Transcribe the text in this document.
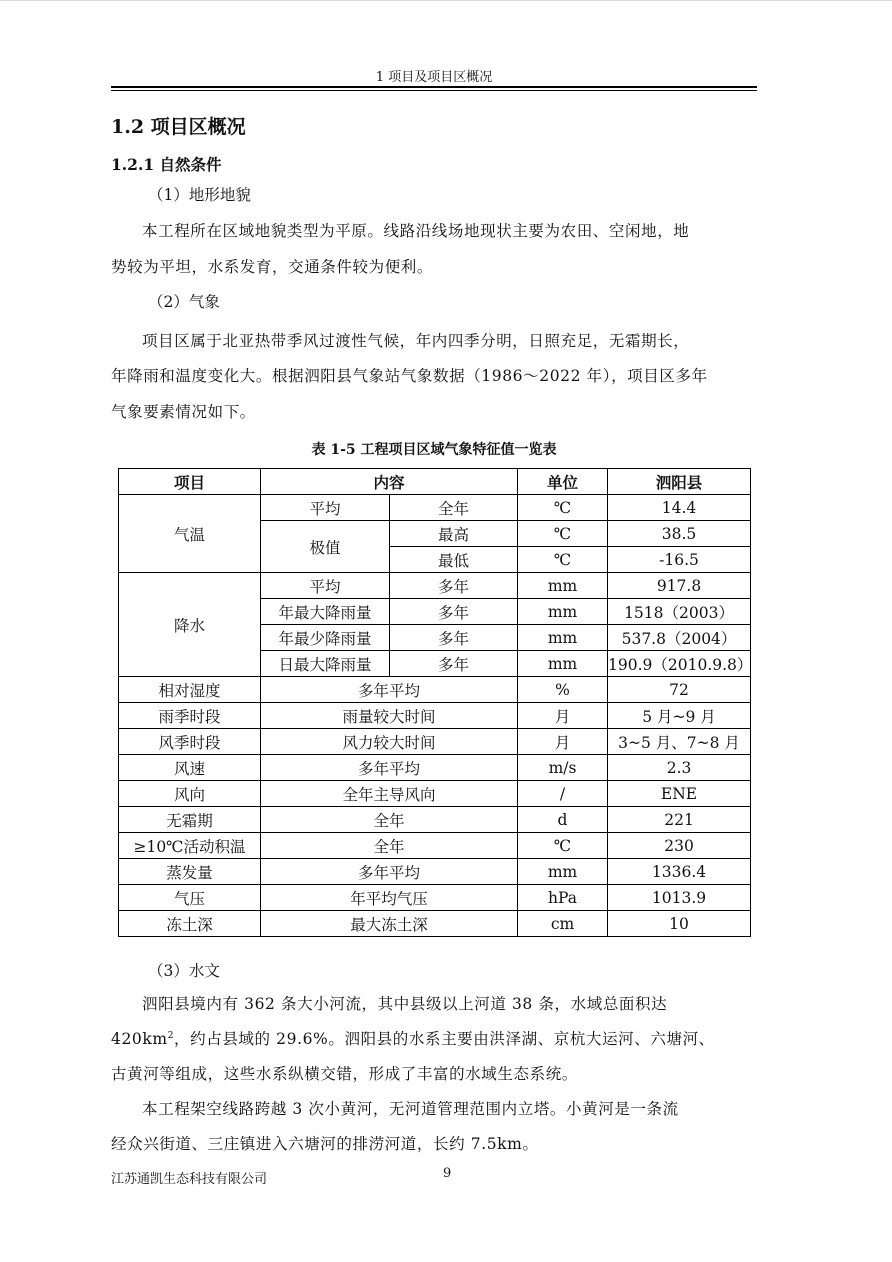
1 项目及项目区概况
1.2 项目区概况
1.2.1 自然条件
（1）地形地貌
本工程所在区域地貌类型为平原。线路沿线场地现状主要为农田、空闲地，地
势较为平坦，水系发育，交通条件较为便利。
（2）气象
项目区属于北亚热带季风过渡性气候，年内四季分明，日照充足，无霜期长，
年降雨和温度变化大。根据泗阳县气象站气象数据（1986～2022 年），项目区多年
气象要素情况如下。
表 1-5 工程项目区域气象特征值一览表
项目	内容		单位	泗阳县
气温	平均	全年	℃	14.4
	极值	最高	℃	38.5
		最低	℃	-16.5
降水	平均	多年	mm	917.8
	年最大降雨量	多年	mm	1518（2003）
	年最少降雨量	多年	mm	537.8（2004）
	日最大降雨量	多年	mm	190.9（2010.9.8）
相对湿度	多年平均		%	72
雨季时段	雨量较大时间		月	5 月~9 月
风季时段	风力较大时间		月	3~5 月、7~8 月
风速	多年平均		m/s	2.3
风向	全年主导风向		/	ENE
无霜期	全年		d	221
≥10℃活动积温	全年		℃	230
蒸发量	多年平均		mm	1336.4
气压	年平均气压		hPa	1013.9
冻土深	最大冻土深		cm	10
（3）水文
泗阳县境内有 362 条大小河流，其中县级以上河道 38 条，水域总面积达
$420km^2$，约占县域的 29.6%。泗阳县的水系主要由洪泽湖、京杭大运河、六塘河、
古黄河等组成，这些水系纵横交错，形成了丰富的水域生态系统。
本工程架空线路跨越 3 次小黄河，无河道管理范围内立塔。小黄河是一条流
经众兴街道、三庄镇进入六塘河的排涝河道，长约 7.5km。
江苏通凯生态科技有限公司	9
